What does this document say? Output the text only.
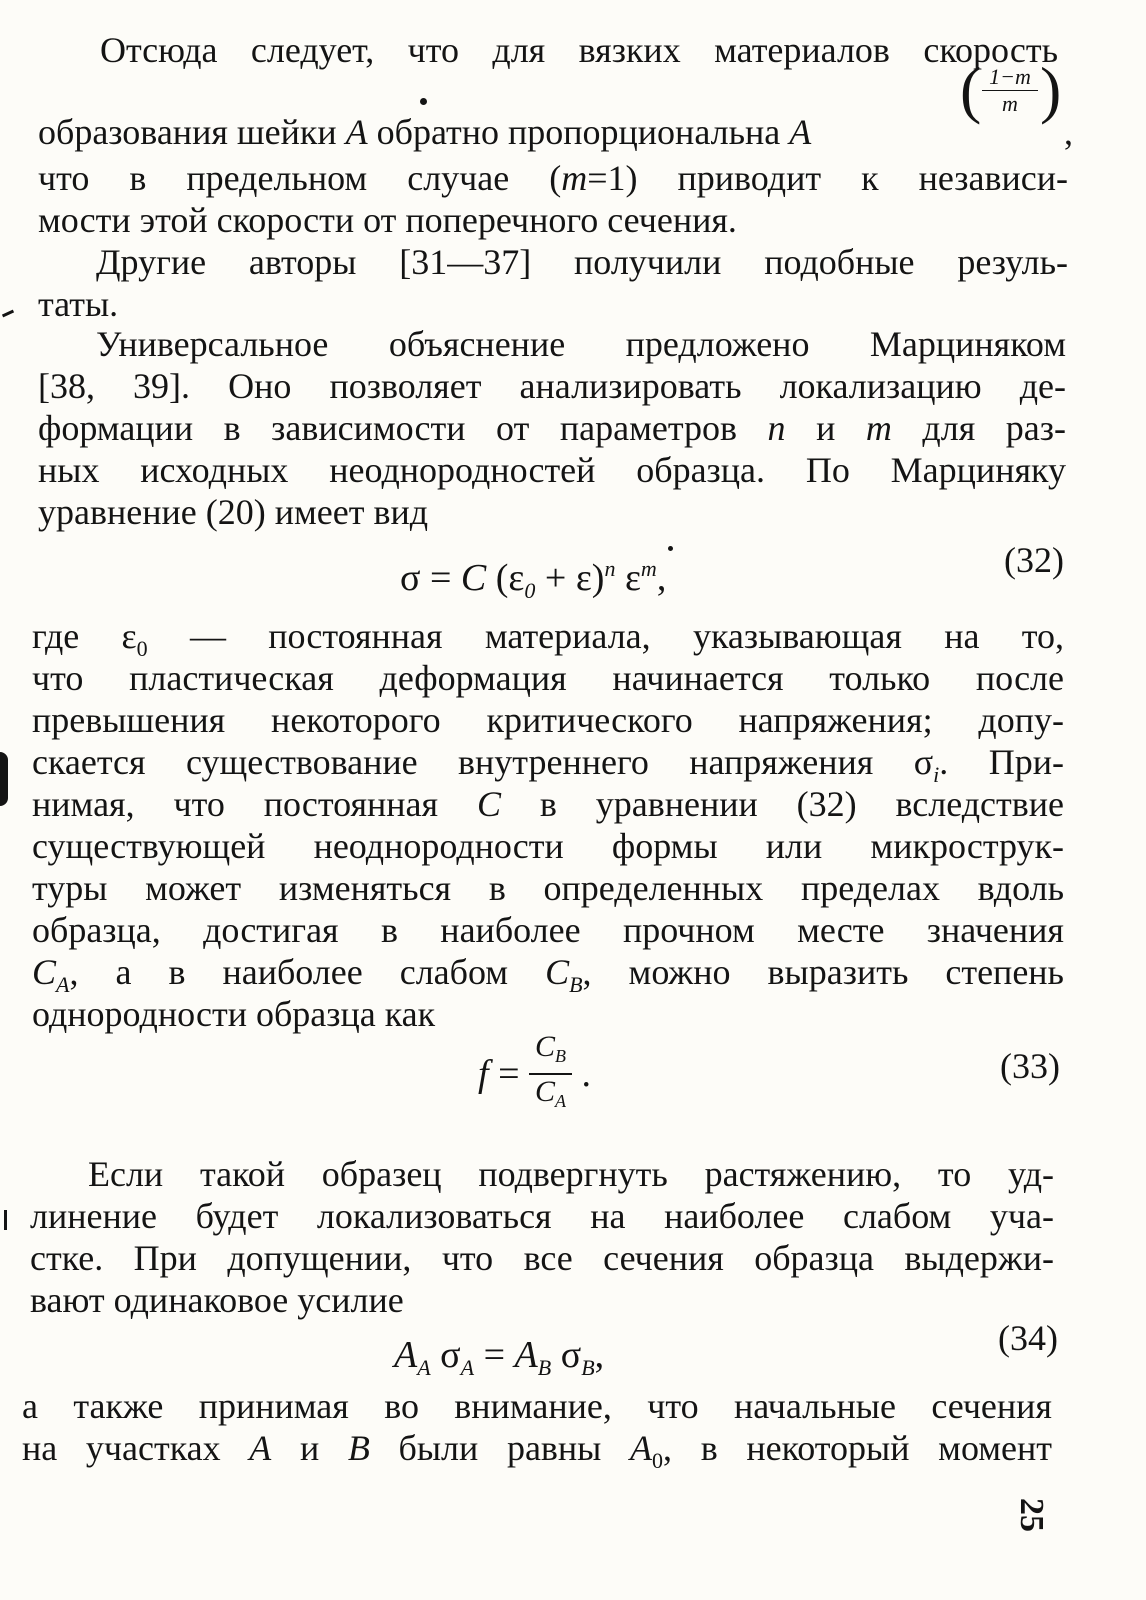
Отсюда следует, что для вязких материалов скорость
образования шейки A обратно пропорциональна A
( 1−m
m )
,
что в предельном случае (m=1) приводит к независи-
мости этой скорости от поперечного сечения.
Другие авторы [31—37] получили подобные резуль-
таты.
Универсальное объяснение предложено Марциняком
[38, 39]. Оно позволяет анализировать локализацию де-
формации в зависимости от параметров n и m для раз-
ных исходных неоднородностей образца. По Марциняку
уравнение (20) имеет вид
σ = C $(\varepsilon_0 + \varepsilon)^n$ $\varepsilon^m$,	(32)
где $\varepsilon_0$ — постоянная материала, указывающая на то,
что пластическая деформация начинается только после
превышения некоторого критического напряжения; допу-
скается существование внутреннего напряжения $\sigma_i$. При-
нимая, что постоянная C в уравнении (32) вследствие
существующей неоднородности формы или микрострук-
туры может изменяться в определенных пределах вдоль
образца, достигая в наиболее прочном месте значения
$C_A$, а в наиболее слабом $C_B$, можно выразить степень
однородности образца как
$f = \frac{C_B}{C_A}$ .	(33)
Если такой образец подвергнуть растяжению, то уд-
линение будет локализоваться на наиболее слабом уча-
стке. При допущении, что все сечения образца выдержи-
вают одинаковое усилие
$A_A$ $\sigma_A = A_B$ $\sigma_B$,	(34)
а также принимая во внимание, что начальные сечения
на участках A и B были равны $A_0$, в некоторый момент
25
